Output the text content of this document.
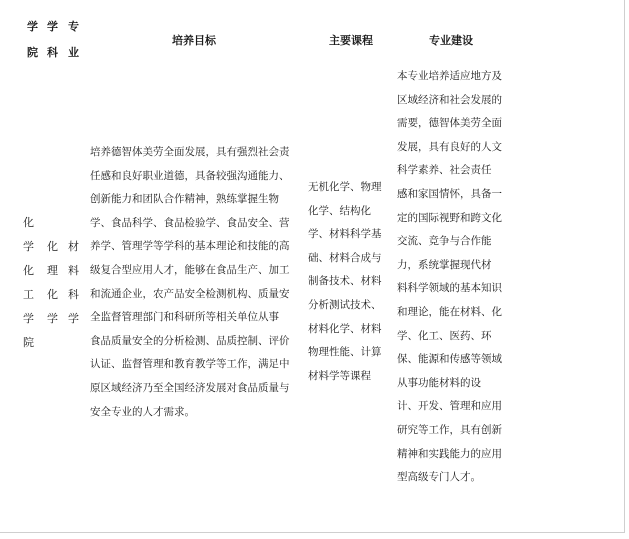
学
院
学
科
专
业
培养目标	主要课程	专业建设
化
学
化
工
学
院
化
理
化
学
材
料
科
学
培养德智体美劳全面发展，具有强烈社会责
任感和良好职业道德，具备较强沟通能力、
创新能力和团队合作精神，熟练掌握生物
学、食品科学、食品检验学、食品安全、营
养学、管理学等学科的基本理论和技能的高
级复合型应用人才，能够在食品生产、加工
和流通企业，农产品安全检测机构、质量安
全监督管理部门和科研所等相关单位从事
食品质量安全的分析检测、品质控制、评价
认证、监督管理和教育教学等工作，满足中
原区域经济乃至全国经济发展对食品质量与
安全专业的人才需求。
无机化学、物理
化学、结构化
学、材料科学基
础、材料合成与
制备技术、材料
分析测试技术、
材料化学、材料
物理性能、计算
材料学等课程
本专业培养适应地方及
区域经济和社会发展的
需要，德智体美劳全面
发展，具有良好的人文
科学素养、社会责任
感和家国情怀，具备一
定的国际视野和跨文化
交流、竞争与合作能
力，系统掌握现代材
料科学领域的基本知识
和理论，能在材料、化
学、化工、医药、环
保、能源和传感等领域
从事功能材料的设
计、开发、管理和应用
研究等工作，具有创新
精神和实践能力的应用
型高级专门人才。
